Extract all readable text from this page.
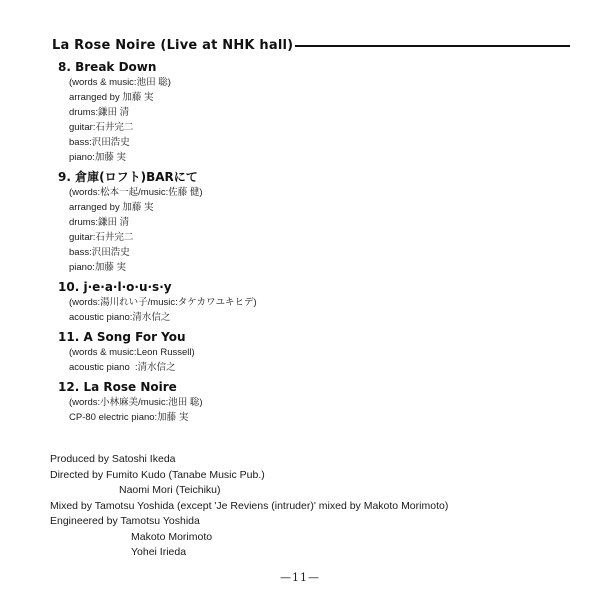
La Rose Noire (Live at NHK hall)
8. Break Down
(words & music:池田 聡)
arranged by 加藤 実
drums:鎌田 清
guitar:石井完二
bass:沢田浩史
piano:加藤 実
9. 倉庫(ロフト)BARにて
(words:松本一起/music:佐藤 健)
arranged by 加藤 実
drums:鎌田 清
guitar:石井完二
bass:沢田浩史
piano:加藤 実
10. j·e·a·l·o·u·s·y
(words:湯川れい子/music:タケカワユキヒデ)
acoustic piano:清水信之
11. A Song For You
(words & music:Leon Russell)
acoustic piano  :清水信之
12. La Rose Noire
(words:小林麻美/music:池田 聡)
CP-80 electric piano:加藤 実
Produced by Satoshi Ikeda
Directed by Fumito Kudo (Tanabe Music Pub.)
Naomi Mori (Teichiku)
Mixed by Tamotsu Yoshida (except 'Je Reviens (intruder)' mixed by Makoto Morimoto)
Engineered by Tamotsu Yoshida
Makoto Morimoto
Yohei Irieda
—11—
